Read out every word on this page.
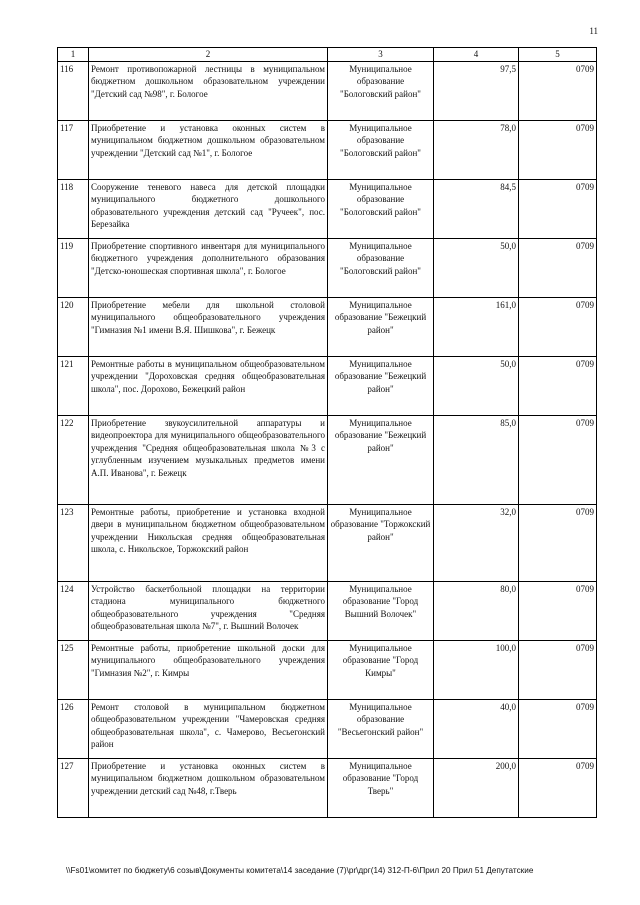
11
1	2	3	4	5
116	Ремонт противопожарной лестницы в муниципальном бюджетном дошкольном образовательном учреждении "Детский сад №98", г. Бологое	Муниципальное образование "Бологовский район"	97,5	0709
117	Приобретение и установка оконных систем в муниципальном бюджетном дошкольном образовательном учреждении "Детский сад №1", г. Бологое	Муниципальное образование "Бологовский район"	78,0	0709
118	Сооружение теневого навеса для детской площадки муниципального бюджетного дошкольного образовательного учреждения детский сад "Ручеек", пос. Березайка	Муниципальное образование "Бологовский район"	84,5	0709
119	Приобретение спортивного инвентаря для муниципального бюджетного учреждения дополнительного образования "Детско-юношеская спортивная школа", г. Бологое	Муниципальное образование "Бологовский район"	50,0	0709
120	Приобретение мебели для школьной столовой муниципального общеобразовательного учреждения "Гимназия №1 имени В.Я. Шишкова", г. Бежецк	Муниципальное образование "Бежецкий район"	161,0	0709
121	Ремонтные работы в муниципальном общеобразовательном учреждении "Дороховская средняя общеобразовательная школа", пос. Дорохово, Бежецкий район	Муниципальное образование "Бежецкий район"	50,0	0709
122	Приобретение звукоусилительной аппаратуры и видеопроектора для муниципального общеобразовательного учреждения "Средняя общеобразовательная школа №3 с углубленным изучением музыкальных предметов имени А.П. Иванова", г. Бежецк	Муниципальное образование "Бежецкий район"	85,0	0709
123	Ремонтные работы, приобретение и установка входной двери в муниципальном бюджетном общеобразовательном учреждении Никольская средняя общеобразовательная школа, с. Никольское, Торжокский район	Муниципальное образование "Торжокский район"	32,0	0709
124	Устройство баскетбольной площадки на территории стадиона муниципального бюджетного общеобразовательного учреждения "Средняя общеобразовательная школа №7", г. Вышний Волочек	Муниципальное образование "Город Вышний Волочек"	80,0	0709
125	Ремонтные работы, приобретение школьной доски для муниципального общеобразовательного учреждения "Гимназия №2", г. Кимры	Муниципальное образование "Город Кимры"	100,0	0709
126	Ремонт столовой в муниципальном бюджетном общеобразовательном учреждении "Чамеровская средняя общеобразовательная школа", с. Чамерово, Весьегонский район	Муниципальное образование "Весьегонский район"	40,0	0709
127	Приобретение и установка оконных систем в муниципальном бюджетном дошкольном образовательном учреждении детский сад №48, г.Тверь	Муниципальное образование "Город Тверь"	200,0	0709
\\Fs01\комитет по бюджету\6 созыв\Документы комитета\14 заседание (7)\pr\дрг(14) 312-П-6\Прил 20 Прил 51 Депутатские
